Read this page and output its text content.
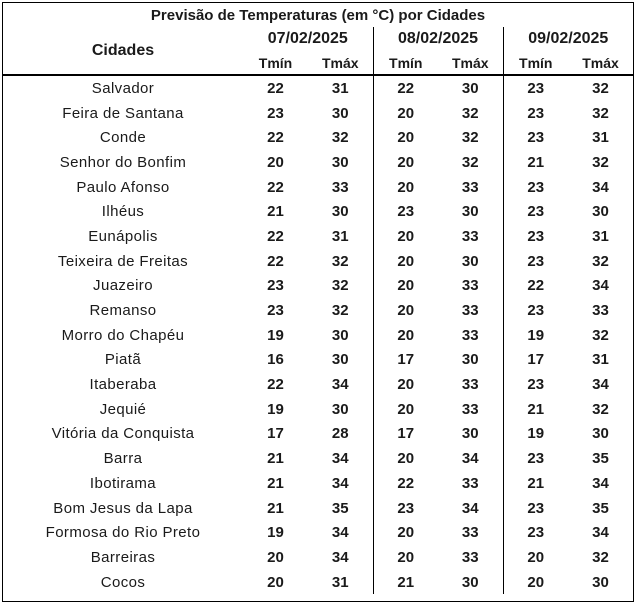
Previsão de Temperaturas (em °C) por Cidades						
Cidades	07/02/2025		08/02/2025		09/02/2025	
	Tmín	Tmáx	Tmín	Tmáx	Tmín	Tmáx
Salvador	22	31	22	30	23	32
Feira de Santana	23	30	20	32	23	32
Conde	22	32	20	32	23	31
Senhor do Bonfim	20	30	20	32	21	32
Paulo Afonso	22	33	20	33	23	34
Ilhéus	21	30	23	30	23	30
Eunápolis	22	31	20	33	23	31
Teixeira de Freitas	22	32	20	30	23	32
Juazeiro	23	32	20	33	22	34
Remanso	23	32	20	33	23	33
Morro do Chapéu	19	30	20	33	19	32
Piatã	16	30	17	30	17	31
Itaberaba	22	34	20	33	23	34
Jequié	19	30	20	33	21	32
Vitória da Conquista	17	28	17	30	19	30
Barra	21	34	20	34	23	35
Ibotirama	21	34	22	33	21	34
Bom Jesus da Lapa	21	35	23	34	23	35
Formosa do Rio Preto	19	34	20	33	23	34
Barreiras	20	34	20	33	20	32
Cocos	20	31	21	30	20	30
